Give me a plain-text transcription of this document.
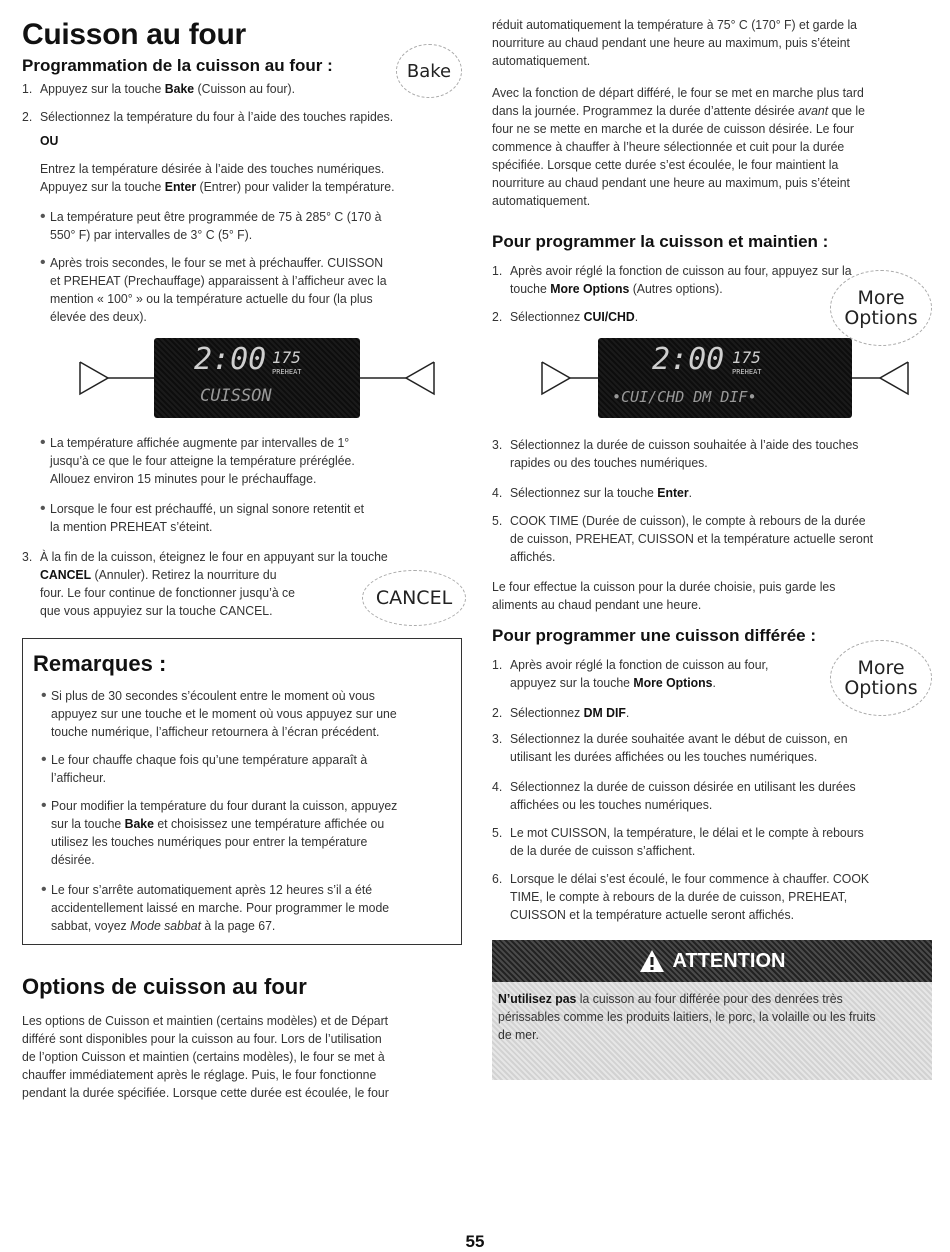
Cuisson au four
Programmation de la cuisson au four :	Bake

1. Appuyez sur la touche Bake (Cuisson au four).

2. Sélectionnez la température du four à l’aide des touches rapides.

OU

Entrez la température désirée à l’aide des touches numériques.

Appuyez sur la touche Enter (Entrer) pour valider la température.

• La température peut être programmée de 75 à 285° C (170 à

550° F) par intervalles de 3° C (5° F).

• Après trois secondes, le four se met à préchauffer. CUISSON

et PREHEAT (Prechauffage) apparaissent à l’afficheur avec la

mention « 100° » ou la température actuelle du four (la plus

élevée des deux).

2:00 175
PREHEAT
CUISSON

• La température affichée augmente par intervalles de 1°

jusqu’à ce que le four atteigne la température préréglée.

Allouez environ 15 minutes pour le préchauffage.

• Lorsque le four est préchauffé, un signal sonore retentit et

la mention PREHEAT s’éteint.

3. À la fin de la cuisson, éteignez le four en appuyant sur la touche

CANCEL (Annuler). Retirez la nourriture du

four. Le four continue de fonctionner jusqu’à ce

que vous appuyiez sur la touche CANCEL.

CANCEL
Remarques :

• Si plus de 30 secondes s’écoulent entre le moment où vous

appuyez sur une touche et le moment où vous appuyez sur une

touche numérique, l’afficheur retournera à l’écran précédent.

• Le four chauffe chaque fois qu’une température apparaît à

l’afficheur.

• Pour modifier la température du four durant la cuisson, appuyez

sur la touche Bake et choisissez une température affichée ou

utilisez les touches numériques pour entrer la température

désirée.

• Le four s’arrête automatiquement après 12 heures s’il a été

accidentellement laissé en marche. Pour programmer le mode

sabbat, voyez Mode sabbat à la page 67.

Options de cuisson au four

Les options de Cuisson et maintien (certains modèles) et de Départ

différé sont disponibles pour la cuisson au four. Lors de l’utilisation

de l’option Cuisson et maintien (certains modèles), le four se met à

chauffer immédiatement après le réglage. Puis, le four fonctionne

pendant la durée spécifiée. Lorsque cette durée est écoulée, le four

réduit automatiquement la température à 75° C (170° F) et garde la

nourriture au chaud pendant une heure au maximum, puis s’éteint

automatiquement.

Avec la fonction de départ différé, le four se met en marche plus tard

dans la journée. Programmez la durée d’attente désirée avant que le

four ne se mette en marche et la durée de cuisson désirée. Le four

commence à chauffer à l’heure sélectionnée et cuit pour la durée

spécifiée. Lorsque cette durée s’est écoulée, le four maintient la

nourriture au chaud pendant une heure au maximum, puis s’éteint

automatiquement.

Pour programmer la cuisson et maintien :

1. Après avoir réglé la fonction de cuisson au four, appuyez sur la

touche More Options (Autres options).

2. Sélectionnez CUI/CHD.

More
Options
2:00 175
PREHEAT
•CUI/CHD DM DIF•

3. Sélectionnez la durée de cuisson souhaitée à l’aide des touches

rapides ou des touches numériques.

4. Sélectionnez sur la touche Enter.

5. COOK TIME (Durée de cuisson), le compte à rebours de la durée

de cuisson, PREHEAT, CUISSON et la température actuelle seront

affichés.

Le four effectue la cuisson pour la durée choisie, puis garde les

aliments au chaud pendant une heure.

Pour programmer une cuisson différée :

1. Après avoir réglé la fonction de cuisson au four,

appuyez sur la touche More Options.

More
Options

2. Sélectionnez DM DIF.

3. Sélectionnez la durée souhaitée avant le début de cuisson, en

utilisant les durées affichées ou les touches numériques.

4. Sélectionnez la durée de cuisson désirée en utilisant les durées

affichées ou les touches numériques.

5. Le mot CUISSON, la température, le délai et le compte à rebours

de la durée de cuisson s’affichent.

6. Lorsque le délai s’est écoulé, le four commence à chauffer. COOK

TIME, le compte à rebours de la durée de cuisson, PREHEAT,

CUISSON et la température actuelle seront affichés.

ATTENTION

N’utilisez pas la cuisson au four différée pour des denrées très

périssables comme les produits laitiers, le porc, la volaille ou les fruits

de mer.

55
